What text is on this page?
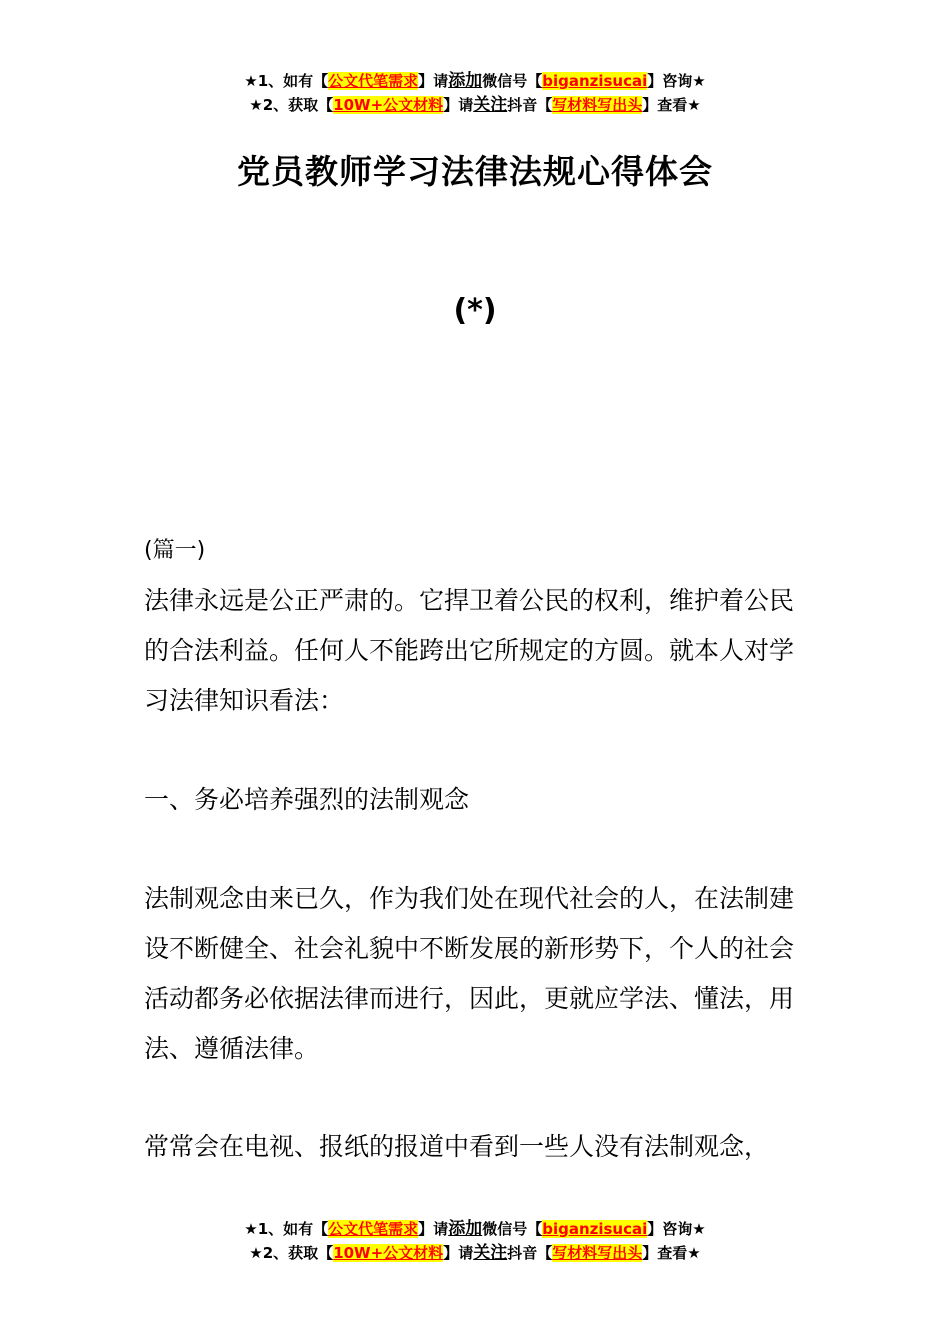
★1、如有【公文代笔需求】请添加微信号【biganzisucai】咨询★
★2、获取【10W+公文材料】请关注抖音【写材料写出头】查看★
党员教师学习法律法规心得体会
(*)
(篇一)

法律永远是公正严肃的。它捍卫着公民的权利，维护着公民的合法利益。任何人不能跨出它所规定的方圆。就本人对学习法律知识看法：

一、务必培养强烈的法制观念

法制观念由来已久，作为我们处在现代社会的人，在法制建设不断健全、社会礼貌中不断发展的新形势下，个人的社会活动都务必依据法律而进行，因此，更就应学法、懂法，用法、遵循法律。

常常会在电视、报纸的报道中看到一些人没有法制观念，

★1、如有【公文代笔需求】请添加微信号【biganzisucai】咨询★
★2、获取【10W+公文材料】请关注抖音【写材料写出头】查看★
